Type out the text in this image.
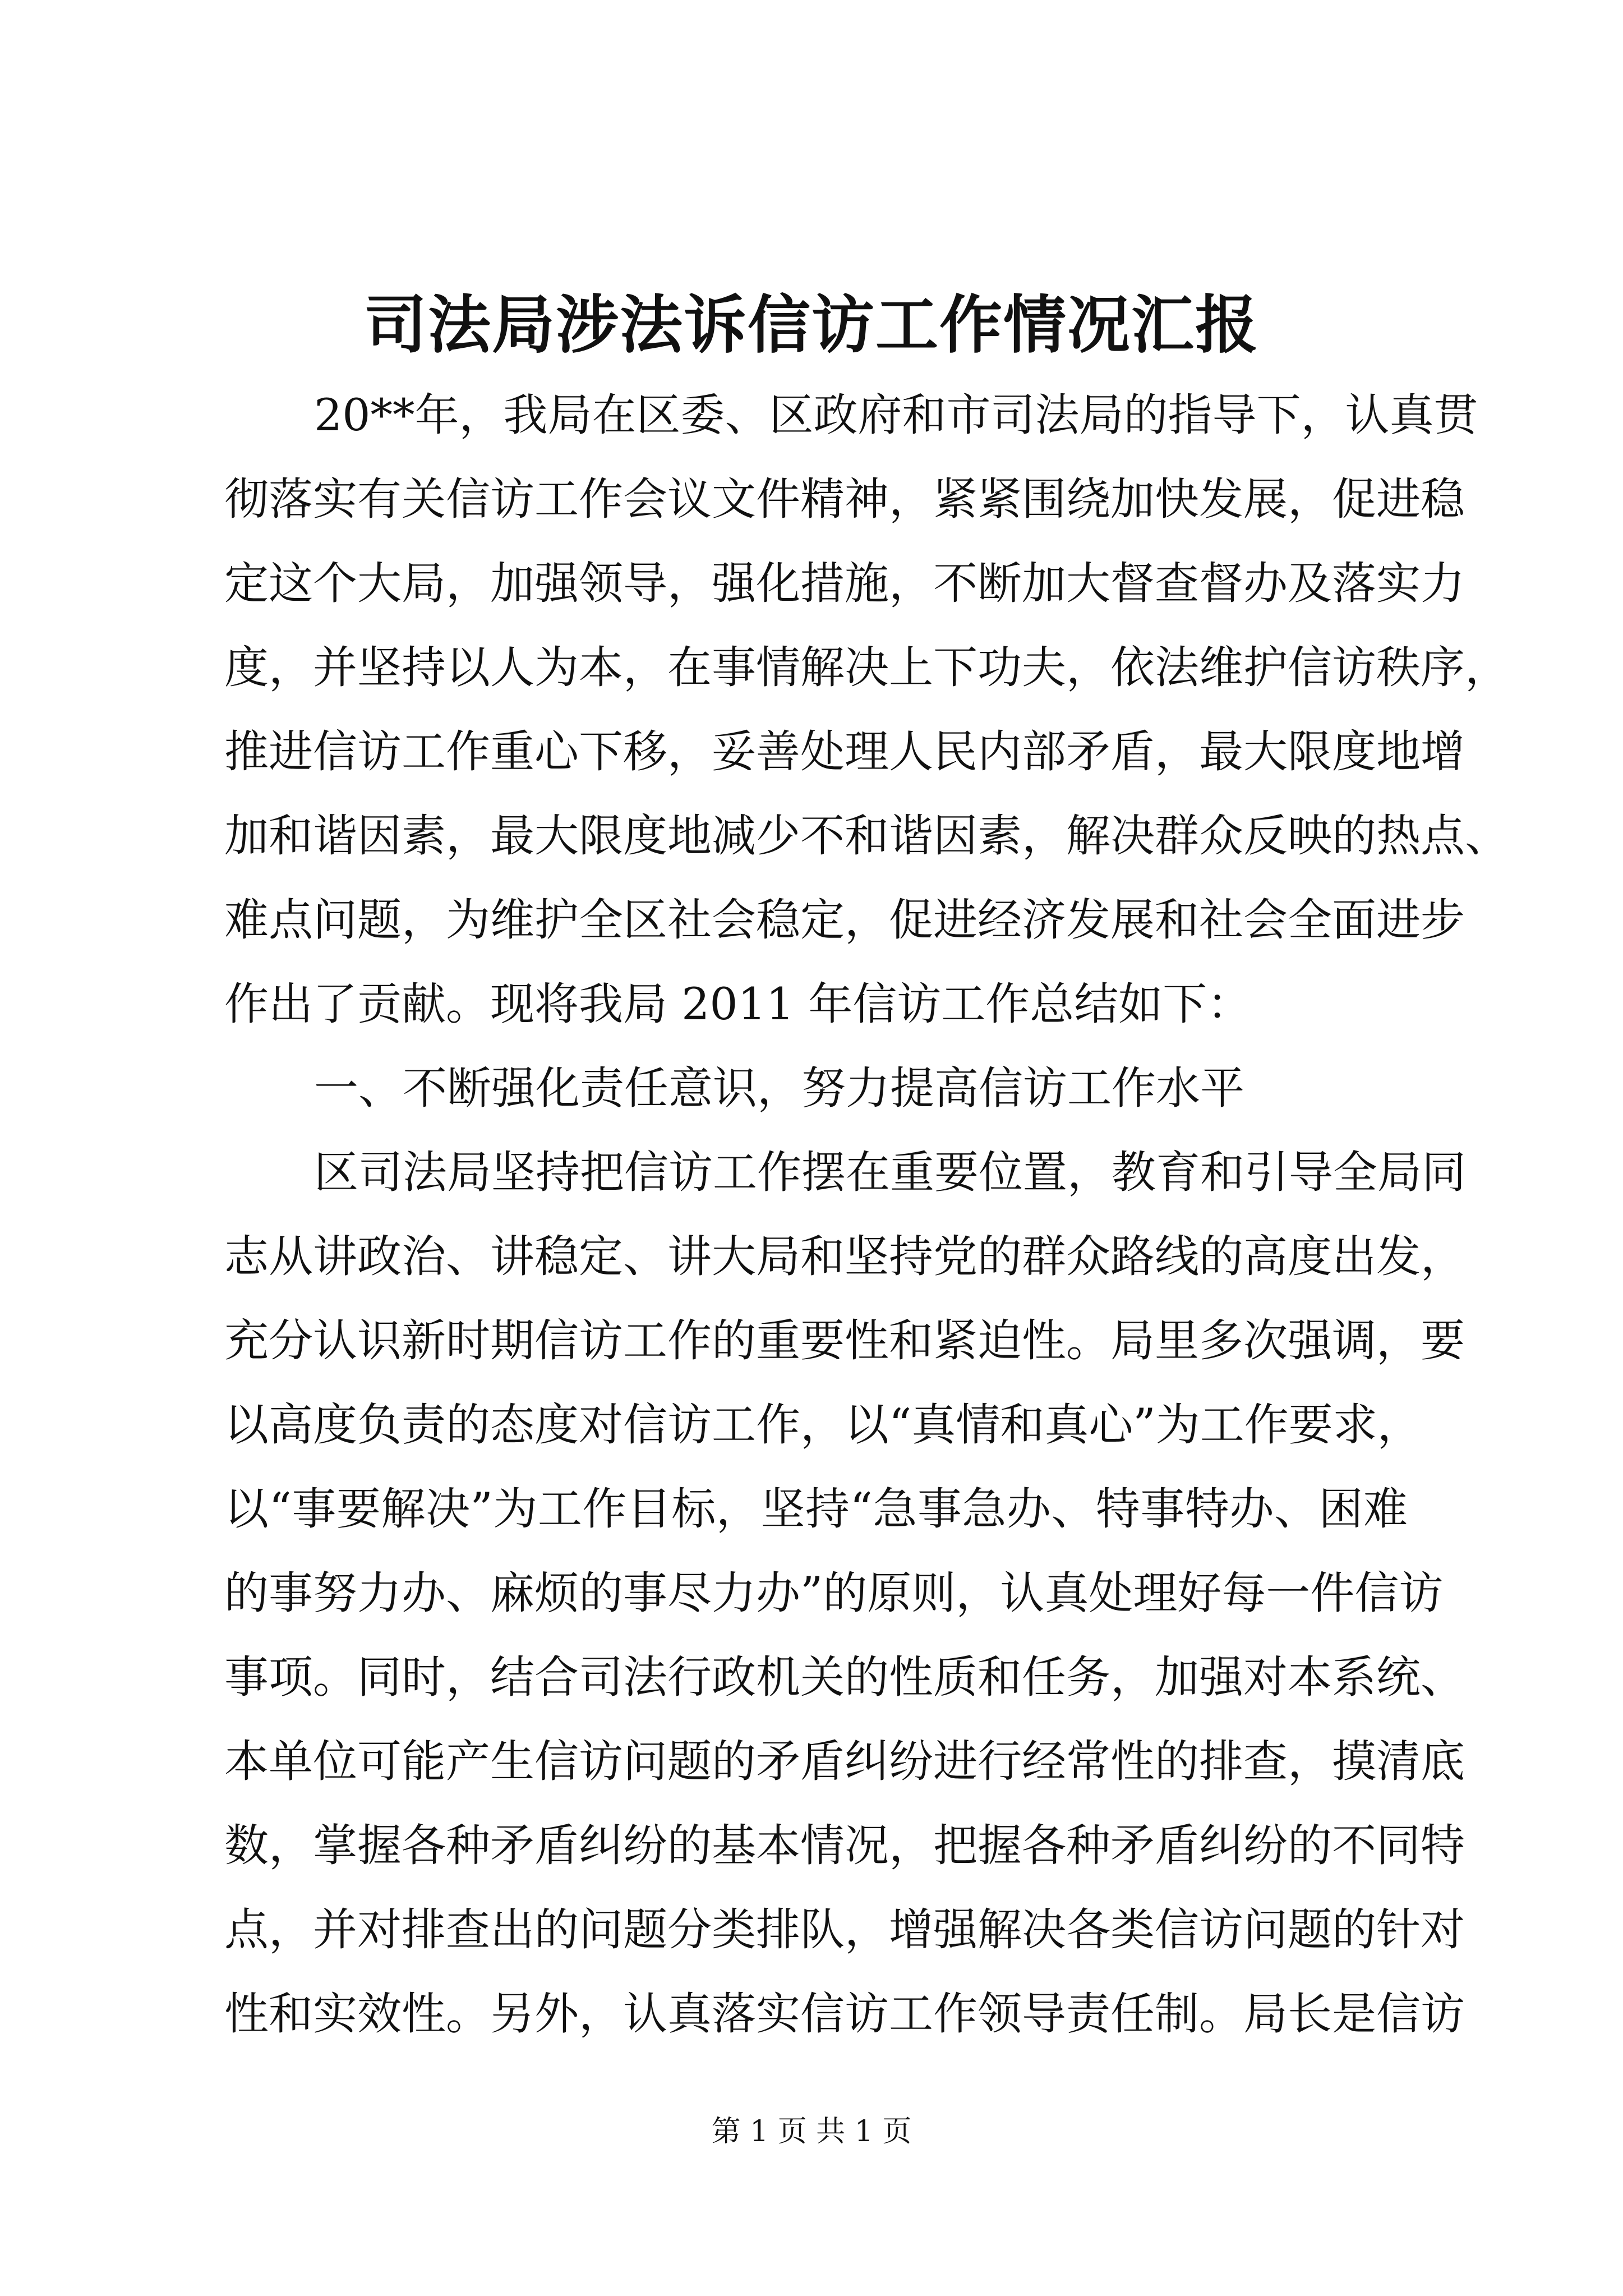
司法局涉法诉信访工作情况汇报
20**年，我局在区委、区政府和市司法局的指导下，认真贯
彻落实有关信访工作会议文件精神，紧紧围绕加快发展，促进稳
定这个大局，加强领导，强化措施，不断加大督查督办及落实力
度，并坚持以人为本，在事情解决上下功夫，依法维护信访秩序，
推进信访工作重心下移，妥善处理人民内部矛盾，最大限度地增
加和谐因素，最大限度地减少不和谐因素，解决群众反映的热点、
难点问题，为维护全区社会稳定，促进经济发展和社会全面进步
作出了贡献。现将我局 2011 年信访工作总结如下：
一、不断强化责任意识，努力提高信访工作水平
区司法局坚持把信访工作摆在重要位置，教育和引导全局同
志从讲政治、讲稳定、讲大局和坚持党的群众路线的高度出发，
充分认识新时期信访工作的重要性和紧迫性。局里多次强调，要
以高度负责的态度对信访工作，以“真情和真心”为工作要求，
以“事要解决”为工作目标，坚持“急事急办、特事特办、困难
的事努力办、麻烦的事尽力办”的原则，认真处理好每一件信访
事项。同时，结合司法行政机关的性质和任务，加强对本系统、
本单位可能产生信访问题的矛盾纠纷进行经常性的排查，摸清底
数，掌握各种矛盾纠纷的基本情况，把握各种矛盾纠纷的不同特
点，并对排查出的问题分类排队，增强解决各类信访问题的针对
性和实效性。另外，认真落实信访工作领导责任制。局长是信访
第 1 页 共 1 页
